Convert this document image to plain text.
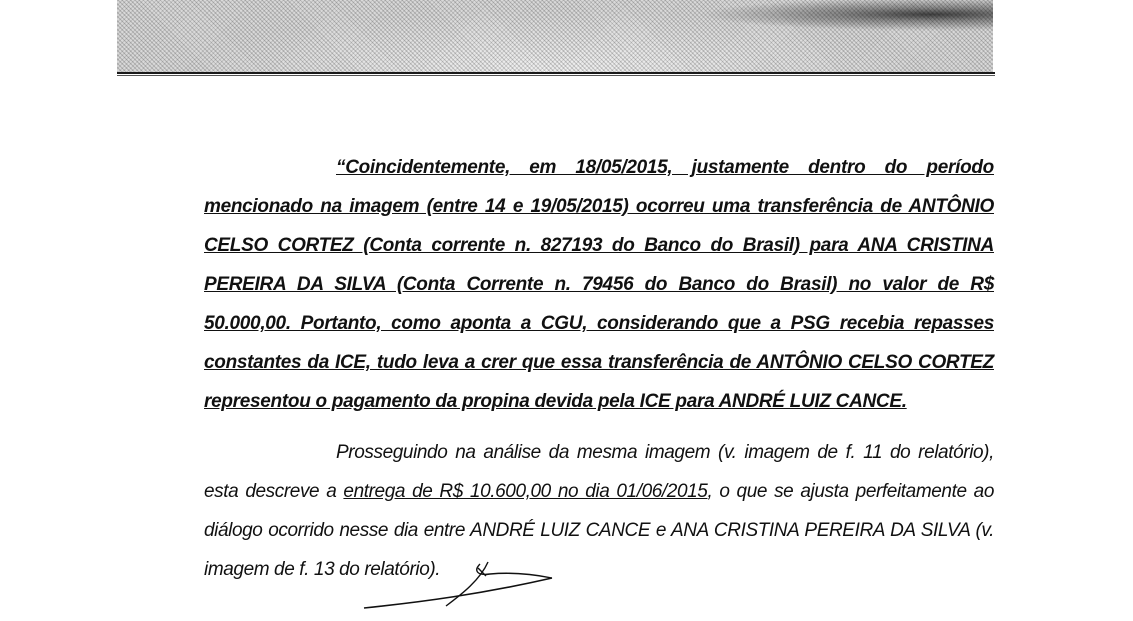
“Coincidentemente, em 18/05/2015, justamente dentro do período mencionado na imagem (entre 14 e 19/05/2015) ocorreu uma transferência de ANTÔNIO CELSO CORTEZ (Conta corrente n. 827193 do Banco do Brasil) para ANA CRISTINA PEREIRA DA SILVA (Conta Corrente n. 79456 do Banco do Brasil) no valor de R$ 50.000,00. Portanto, como aponta a CGU, considerando que a PSG recebia repasses constantes da ICE, tudo leva a crer que essa transferência de ANTÔNIO CELSO CORTEZ representou o pagamento da propina devida pela ICE para ANDRÉ LUIZ CANCE.

Prosseguindo na análise da mesma imagem (v. imagem de f. 11 do relatório), esta descreve a entrega de R$ 10.600,00 no dia 01/06/2015, o que se ajusta perfeitamente ao diálogo ocorrido nesse dia entre ANDRÉ LUIZ CANCE e ANA CRISTINA PEREIRA DA SILVA (v. imagem de f. 13 do relatório).
